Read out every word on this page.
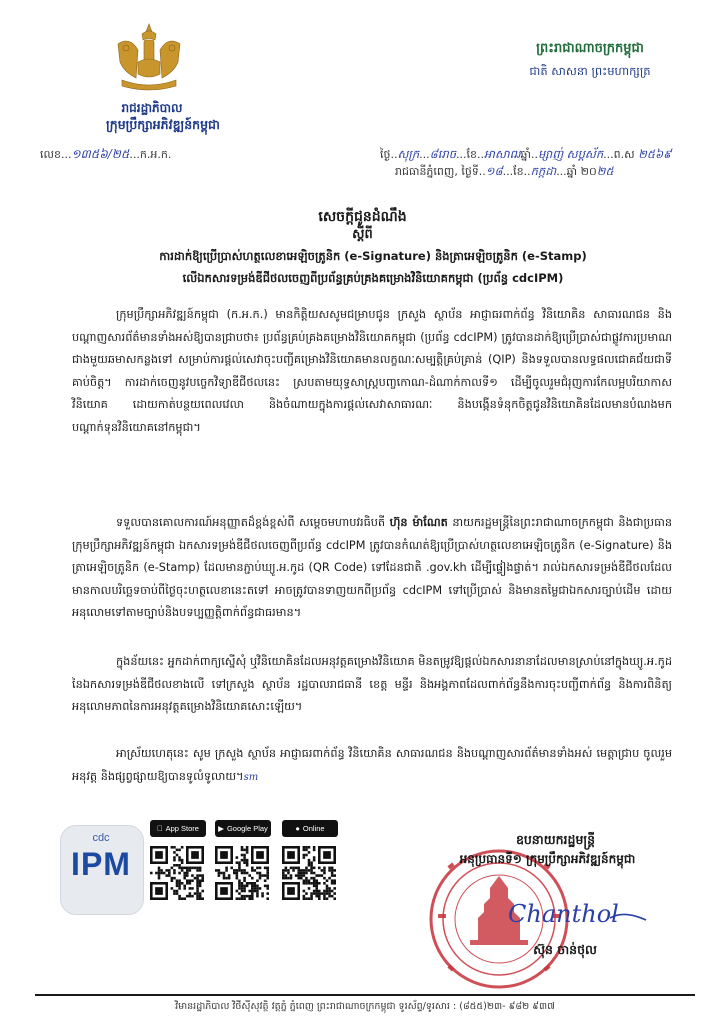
រាជរដ្ឋាភិបាល
ក្រុមប្រឹក្សាអភិវឌ្ឍន៍កម្ពុជា
លេខ...១៣៥៦/២៥...ក.អ.ក.
ព្រះរាជាណាចក្រកម្ពុជា
ជាតិ សាសនា ព្រះមហាក្សត្រ
ថ្ងៃ..សុក្រ...៨រោច...ខែ..អាសាឍឆ្នាំ..ម្សាញ់ សប្តស័ក...ព.ស ២៥៦៩
រាជធានីភ្នំពេញ, ថ្ងៃទី..១៨...ខែ..កក្កដា...ឆ្នាំ ២០២៥
សេចក្តីជូនដំណឹង
ស្តីពី
ការដាក់ឱ្យប្រើប្រាស់ហត្ថលេខាអេឡិចត្រូនិក (e-Signature) និងត្រាអេឡិចត្រូនិក (e-Stamp)
លើឯកសារទម្រង់ឌីជីថលចេញពីប្រព័ន្ធគ្រប់គ្រងគម្រោងវិនិយោគកម្ពុជា (ប្រព័ន្ធ cdcIPM)
ក្រុមប្រឹក្សាអភិវឌ្ឍន៍កម្ពុជា (ក.អ.ក.) មានកិត្តិយសសូមជម្រាបជូន ក្រសួង ស្ថាប័ន អាជ្ញាធរពាក់ព័ន្ធ វិនិយោគិន សាធារណជន និងបណ្តាញសារព័ត៌មានទាំងអស់ឱ្យបានជ្រាបថា៖ ប្រព័ន្ធគ្រប់គ្រងគម្រោងវិនិយោគកម្ពុជា (ប្រព័ន្ធ cdcIPM) ត្រូវបានដាក់ឱ្យប្រើប្រាស់ជាផ្លូវការប្រមាណជាងមួយឆមាសកន្លងទៅ សម្រាប់ការផ្តល់សេវាចុះបញ្ជីគម្រោងវិនិយោគមានលក្ខណៈសម្បត្តិគ្រប់គ្រាន់ (QIP) និងទទួលបានលទ្ធផលជោគជ័យជាទីគាប់ចិត្ត។ ការដាក់ចេញនូវបច្ចេកវិទ្យាឌីជីថលនេះ ស្របតាមយុទ្ធសាស្ត្របញ្ចកោណ-ដំណាក់កាលទី១ ដើម្បីចូលរួមជំរុញការកែលម្អបរិយាកាសវិនិយោគ ដោយកាត់បន្ថយពេលវេលា និងចំណាយក្នុងការផ្តល់សេវាសាធារណៈ និងបង្កើនទំនុកចិត្តជូនវិនិយោគិនដែលមានបំណងមកបណ្តាក់ទុនវិនិយោគនៅកម្ពុជា។
ទទួលបានគោលការណ៍អនុញ្ញាតដ៏ខ្ពង់ខ្ពស់ពី សម្តេចមហាបវរធិបតី ហ៊ុន ម៉ាណែត នាយករដ្ឋមន្ត្រីនៃព្រះរាជាណាចក្រកម្ពុជា និងជាប្រធានក្រុមប្រឹក្សាអភិវឌ្ឍន៍កម្ពុជា ឯកសារទម្រង់ឌីជីថលចេញពីប្រព័ន្ធ cdcIPM ត្រូវបានកំណត់ឱ្យប្រើប្រាស់ហត្ថលេខាអេឡិចត្រូនិក (e-Signature) និងត្រាអេឡិចត្រូនិក (e-Stamp) ដែលមានភ្ជាប់ឃ្យូ.អ.កូដ (QR Code) ទៅដែនជាតិ .gov.kh ដើម្បីផ្ទៀងផ្ទាត់។ រាល់ឯកសារទម្រង់ឌីជីថលដែលមានកាលបរិច្ឆេទចាប់ពីថ្ងៃចុះហត្ថលេខានេះតទៅ អាចត្រូវបានទាញយកពីប្រព័ន្ធ cdcIPM ទៅប្រើប្រាស់ និងមានតម្លៃជាឯកសារច្បាប់ដើម ដោយអនុលោមទៅតាមច្បាប់និងបទប្បញ្ញត្តិពាក់ព័ន្ធជាធរមាន។
ក្នុងន័យនេះ អ្នកដាក់ពាក្យស្នើសុំ ឬវិនិយោគិនដែលអនុវត្តគម្រោងវិនិយោគ មិនតម្រូវឱ្យផ្តល់ឯកសារនានាដែលមានស្រាប់នៅក្នុងឃ្យូ.អ.កូដ នៃឯកសារទម្រង់ឌីជីថលខាងលើ ទៅក្រសួង ស្ថាប័ន រដ្ឋបាលរាជធានី ខេត្ត មន្ទីរ និងអង្គភាពដែលពាក់ព័ន្ធនឹងការចុះបញ្ជីពាក់ព័ន្ធ និងការពិនិត្យអនុលោមភាពនៃការអនុវត្តគម្រោងវិនិយោគសោះឡើយ។
អាស្រ័យហេតុនេះ សូម ក្រសួង ស្ថាប័ន អាជ្ញាធរពាក់ព័ន្ធ វិនិយោគិន សាធារណជន និងបណ្តាញសារព័ត៌មានទាំងអស់ មេត្តាជ្រាប ចូលរួមអនុវត្ត និងផ្សព្វផ្សាយឱ្យបានទូលំទូលាយ។sm
cdc
IPM
App Store	▶ Google Play	● Online
ឧបនាយករដ្ឋមន្ត្រី
អនុប្រធានទី១ ក្រុមប្រឹក្សាអភិវឌ្ឍន៍កម្ពុជា
Chanthol
ស៊ុន ចាន់ថុល
វិមានរដ្ឋាភិបាល វិថីស៊ីសុវត្ថិ វត្តភ្នំ ភ្នំពេញ ព្រះរាជាណាចក្រកម្ពុជា ទូរស័ព្ទ/ទូរសារ : (៨៥៥)២៣- ៩៨២ ៩៣៧
